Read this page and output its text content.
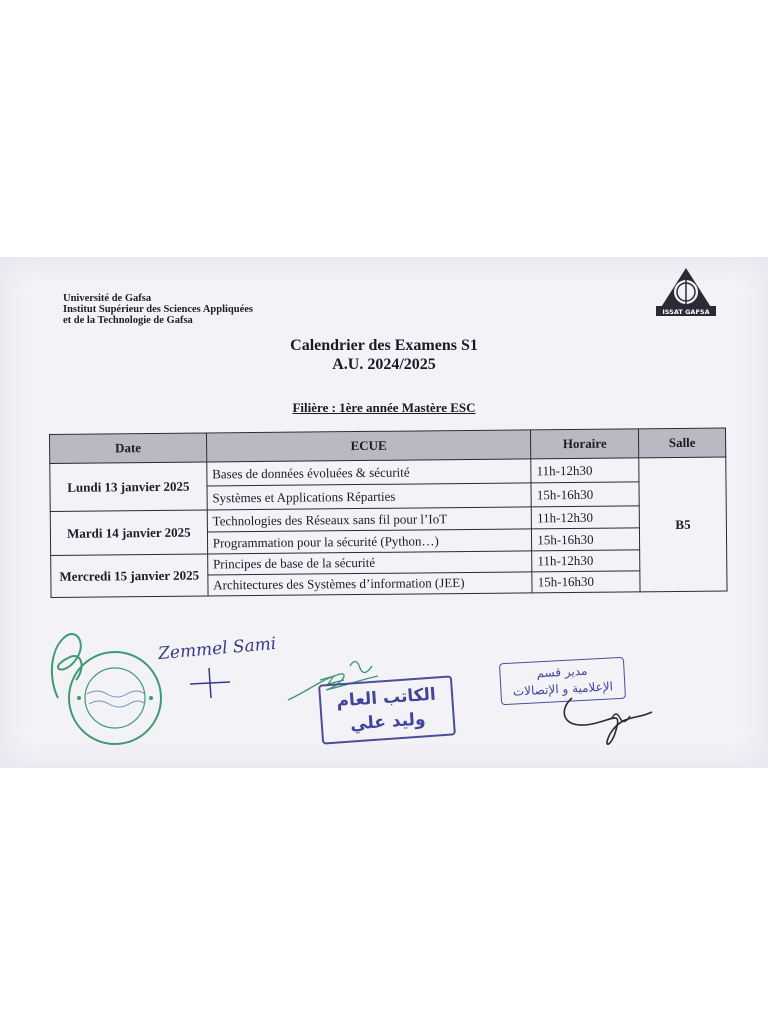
Université de Gafsa
Institut Supérieur des Sciences Appliquées
et de la Technologie de Gafsa
ISSAT GAFSA
Calendrier des Examens S1
A.U. 2024/2025
Filière : 1ère année Mastère ESC
Date	ECUE	Horaire	Salle
Lundi 13 janvier 2025	Bases de données évoluées & sécurité	11h-12h30	B5
	Systèmes et Applications Réparties	15h-16h30	
Mardi 14 janvier 2025	Technologies des Réseaux sans fil pour l’IoT	11h-12h30	
	Programmation pour la sécurité (Python…)	15h-16h30	
Mercredi 15 janvier 2025	Principes de base de la sécurité	11h-12h30	
	Architectures des Systèmes d’information (JEE)	15h-16h30	
Zemmel Sami
الكاتب العام
وليد علي
مدير قسم
الإعلامية و الإتصالات
